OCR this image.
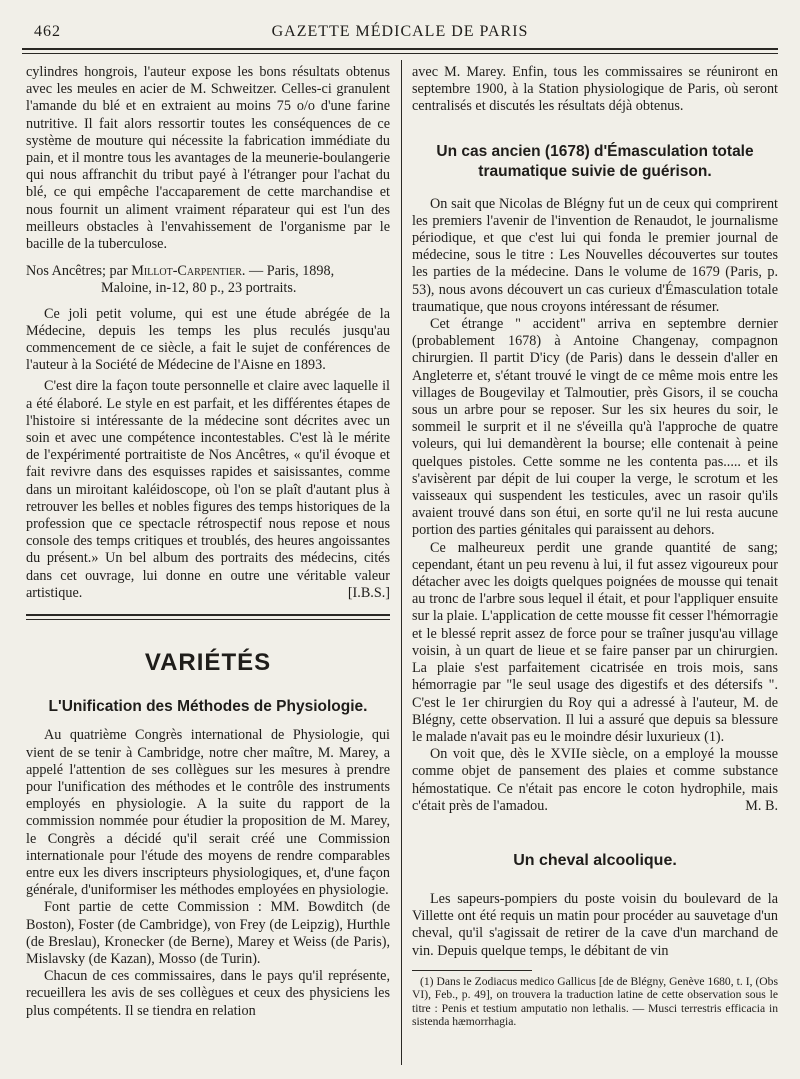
462	GAZETTE MÉDICALE DE PARIS

cylindres hongrois, l'auteur expose les bons résultats obtenus avec les meules en acier de M. Schweitzer. Celles-ci granulent l'amande du blé et en extraient au moins 75 o/o d'une farine nutritive. Il fait alors ressortir toutes les conséquences de ce système de mouture qui nécessite la fabrication immédiate du pain, et il montre tous les avantages de la meunerie-boulangerie qui nous affranchit du tribut payé à l'étranger pour l'achat du blé, ce qui empêche l'accaparement de cette marchandise et nous fournit un aliment vraiment réparateur qui est l'un des meilleurs obstacles à l'envahissement de l'organisme par le bacille de la tuberculose.

Nos Ancêtres; par Millot-Carpentier. — Paris, 1898,
Maloine, in-12, 80 p., 23 portraits.

Ce joli petit volume, qui est une étude abrégée de la Médecine, depuis les temps les plus reculés jusqu'au commencement de ce siècle, a fait le sujet de conférences de l'auteur à la Société de Médecine de l'Aisne en 1893.

C'est dire la façon toute personnelle et claire avec laquelle il a été élaboré. Le style en est parfait, et les différentes étapes de l'histoire si intéressante de la médecine sont décrites avec un soin et avec une compétence incontestables. C'est là le mérite de l'expérimenté portraitiste de Nos Ancêtres, « qu'il évoque et fait revivre dans des esquisses rapides et saisissantes, comme dans un miroitant kaléidoscope, où l'on se plaît d'autant plus à retrouver les belles et nobles figures des temps historiques de la profession que ce spectacle rétrospectif nous repose et nous console des temps critiques et troublés, des heures angoissantes du présent.» Un bel album des portraits des médecins, cités dans cet ouvrage, lui donne en outre une véritable valeur artistique.	[I.B.S.]

VARIÉTÉS
L'Unification des Méthodes de Physiologie.

Au quatrième Congrès international de Physiologie, qui vient de se tenir à Cambridge, notre cher maître, M. Marey, a appelé l'attention de ses collègues sur les mesures à prendre pour l'unification des méthodes et le contrôle des instruments employés en physiologie. A la suite du rapport de la commission nommée pour étudier la proposition de M. Marey, le Congrès a décidé qu'il serait créé une Commission internationale pour l'étude des moyens de rendre comparables entre eux les divers inscripteurs physiologiques, et, d'une façon générale, d'uniformiser les méthodes employées en physiologie.

Font partie de cette Commission : MM. Bowditch (de Boston), Foster (de Cambridge), von Frey (de Leipzig), Hurthle (de Breslau), Kronecker (de Berne), Marey et Weiss (de Paris), Mislavsky (de Kazan), Mosso (de Turin).

Chacun de ces commissaires, dans le pays qu'il représente, recueillera les avis de ses collègues et ceux des physiciens les plus compétents. Il se tiendra en relation

avec M. Marey. Enfin, tous les commissaires se réuniront en septembre 1900, à la Station physiologique de Paris, où seront centralisés et discutés les résultats déjà obtenus.

Un cas ancien (1678) d'Émasculation totale traumatique suivie de guérison.

On sait que Nicolas de Blégny fut un de ceux qui comprirent les premiers l'avenir de l'invention de Renaudot, le journalisme périodique, et que c'est lui qui fonda le premier journal de médecine, sous le titre : Les Nouvelles découvertes sur toutes les parties de la médecine. Dans le volume de 1679 (Paris, p. 53), nous avons découvert un cas curieux d'Émasculation totale traumatique, que nous croyons intéressant de résumer.

Cet étrange " accident" arriva en septembre dernier (probablement 1678) à Antoine Changenay, compagnon chirurgien. Il partit D'icy (de Paris) dans le dessein d'aller en Angleterre et, s'étant trouvé le vingt de ce même mois entre les villages de Bougevilay et Talmoutier, près Gisors, il se coucha sous un arbre pour se reposer. Sur les six heures du soir, le sommeil le surprit et il ne s'éveilla qu'à l'approche de quatre voleurs, qui lui demandèrent la bourse; elle contenait à peine quelques pistoles. Cette somme ne les contenta pas..... et ils s'avisèrent par dépit de lui couper la verge, le scrotum et les vaisseaux qui suspendent les testicules, avec un rasoir qu'ils avaient trouvé dans son étui, en sorte qu'il ne lui resta aucune portion des parties génitales qui paraissent au dehors.

Ce malheureux perdit une grande quantité de sang; cependant, étant un peu revenu à lui, il fut assez vigoureux pour détacher avec les doigts quelques poignées de mousse qui tenait au tronc de l'arbre sous lequel il était, et pour l'appliquer ensuite sur la plaie. L'application de cette mousse fit cesser l'hémorragie et le blessé reprit assez de force pour se traîner jusqu'au village voisin, à un quart de lieue et se faire panser par un chirurgien. La plaie s'est parfaitement cicatrisée en trois mois, sans hémorragie par "le seul usage des digestifs et des détersifs ". C'est le 1er chirurgien du Roy qui a adressé à l'auteur, M. de Blégny, cette observation. Il lui a assuré que depuis sa blessure le malade n'avait pas eu le moindre désir luxurieux (1).

On voit que, dès le XVIIe siècle, on a employé la mousse comme objet de pansement des plaies et comme substance hémostatique. Ce n'était pas encore le coton hydrophile, mais c'était près de l'amadou.	M. B.

Un cheval alcoolique.

Les sapeurs-pompiers du poste voisin du boulevard de la Villette ont été requis un matin pour procéder au sauvetage d'un cheval, qu'il s'agissait de retirer de la cave d'un marchand de vin. Depuis quelque temps, le débitant de vin

(1) Dans le Zodiacus medico Gallicus [de de Blégny, Genève 1680, t. I, (Obs VI), Feb., p. 49], on trouvera la traduction latine de cette observation sous le titre : Penis et testium amputatio non lethalis. — Musci terrestris efficacia in sistenda hæmorrhagia.
